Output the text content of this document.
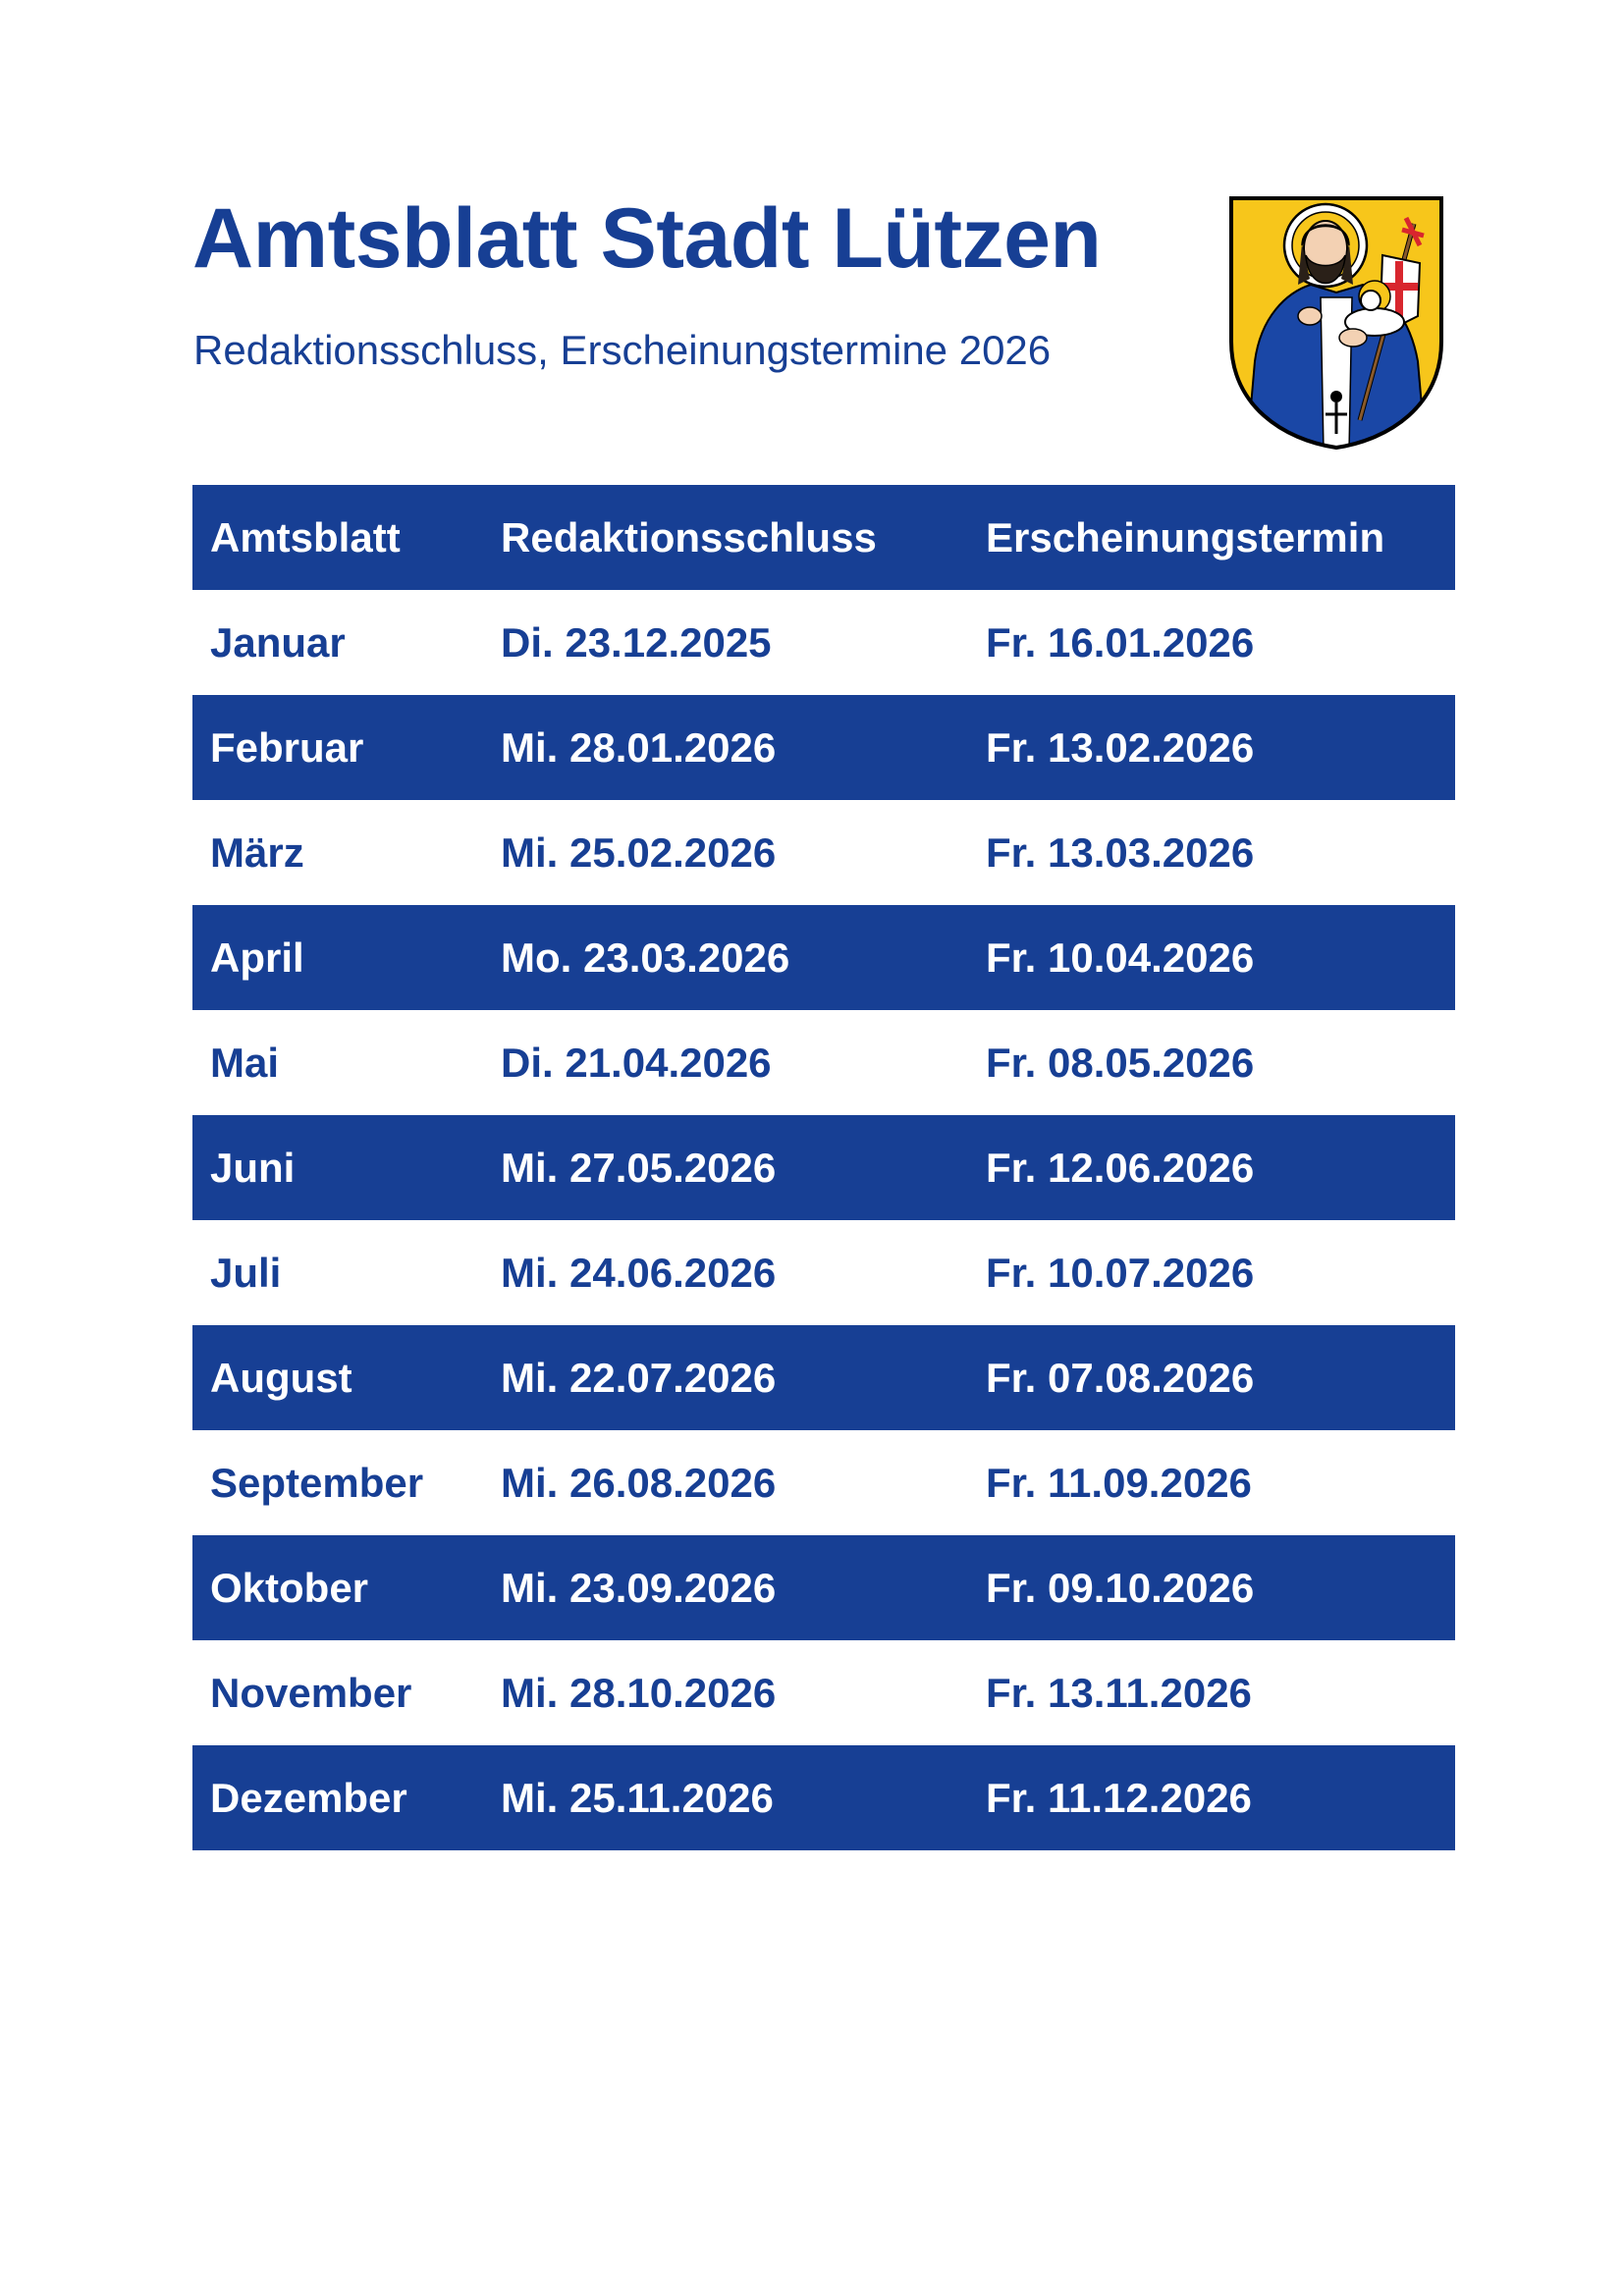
Amtsblatt Stadt Lützen
Redaktionsschluss, Erscheinungstermine 2026
Amtsblatt	Redaktionsschluss	Erscheinungstermin
Januar	Di. 23.12.2025	Fr. 16.01.2026
Februar	Mi. 28.01.2026	Fr. 13.02.2026
März	Mi. 25.02.2026	Fr. 13.03.2026
April	Mo. 23.03.2026	Fr. 10.04.2026
Mai	Di. 21.04.2026	Fr. 08.05.2026
Juni	Mi. 27.05.2026	Fr. 12.06.2026
Juli	Mi. 24.06.2026	Fr. 10.07.2026
August	Mi. 22.07.2026	Fr. 07.08.2026
September	Mi. 26.08.2026	Fr. 11.09.2026
Oktober	Mi. 23.09.2026	Fr. 09.10.2026
November	Mi. 28.10.2026	Fr. 13.11.2026
Dezember	Mi. 25.11.2026	Fr. 11.12.2026
